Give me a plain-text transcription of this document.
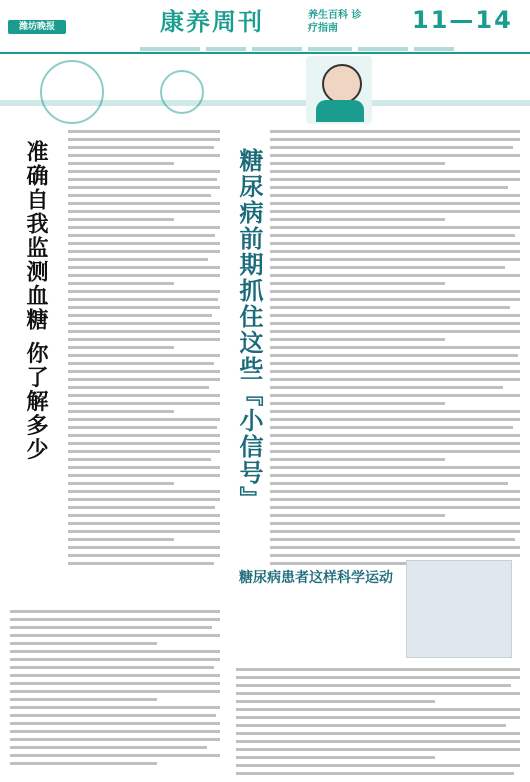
潍坊晚报	康养周刊	养生百科 诊疗指南	11—14
准确自我监测血糖 你了解多少	糖尿病前期抓住这些『小信号』
糖尿病患者这样科学运动
